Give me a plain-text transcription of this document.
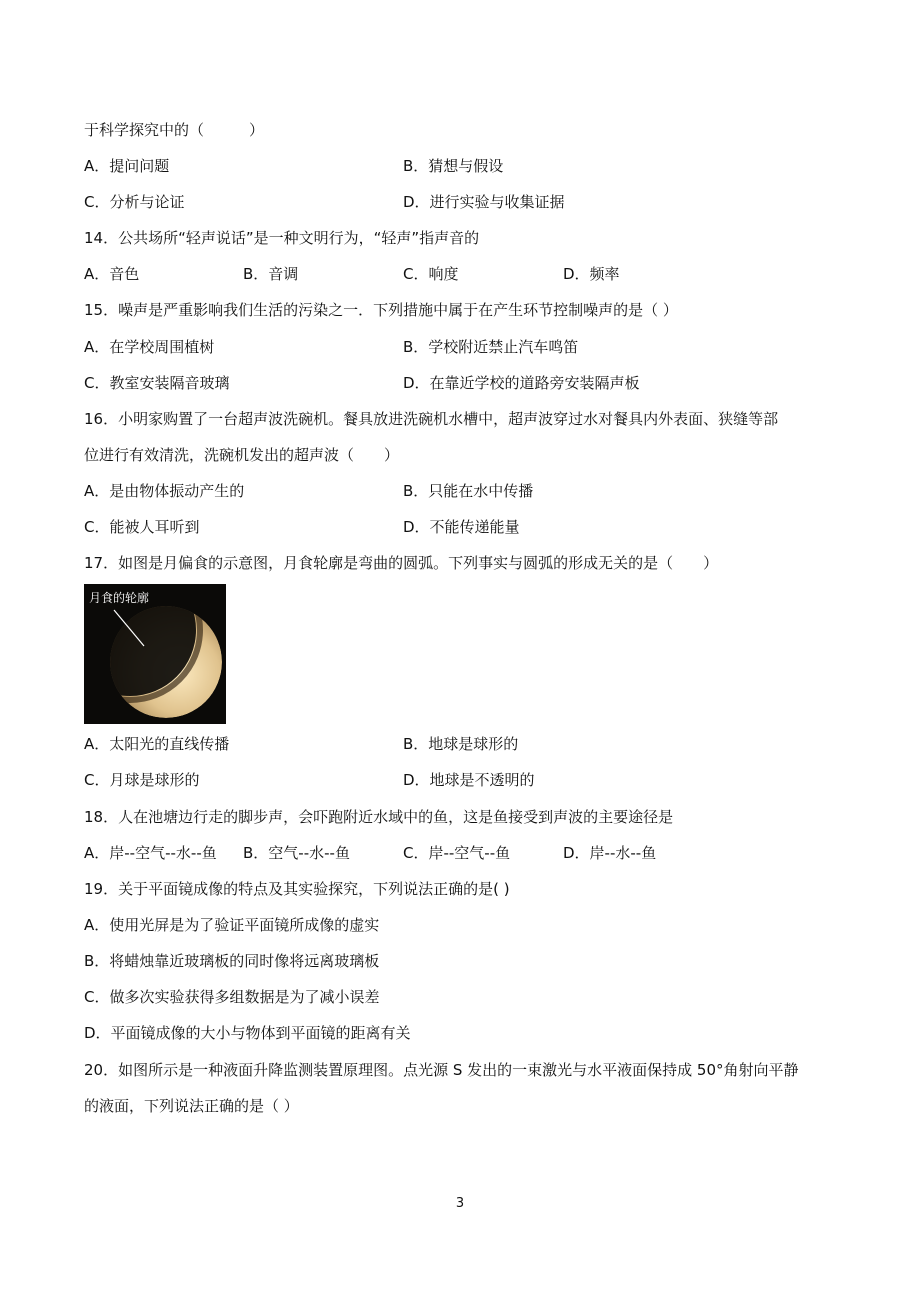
于科学探究中的（　　　）
A．提问问题	B．猜想与假设
C．分析与论证	D．进行实验与收集证据
14．公共场所“轻声说话”是一种文明行为，“轻声”指声音的
A．音色	B．音调	C．响度	D．频率
15．噪声是严重影响我们生活的污染之一．下列措施中属于在产生环节控制噪声的是（ ）
A．在学校周围植树	B．学校附近禁止汽车鸣笛
C．教室安装隔音玻璃	D．在靠近学校的道路旁安装隔声板
16．小明家购置了一台超声波洗碗机。餐具放进洗碗机水槽中，超声波穿过水对餐具内外表面、狭缝等部
位进行有效清洗，洗碗机发出的超声波（　　）
A．是由物体振动产生的	B．只能在水中传播
C．能被人耳听到	D．不能传递能量
17．如图是月偏食的示意图，月食轮廓是弯曲的圆弧。下列事实与圆弧的形成无关的是（　　）
月食的轮廓
A．太阳光的直线传播	B．地球是球形的
C．月球是球形的	D．地球是不透明的
18．人在池塘边行走的脚步声，会吓跑附近水域中的鱼，这是鱼接受到声波的主要途径是
A．岸--空气--水--鱼 B．空气--水--鱼	C．岸--空气--鱼	D．岸--水--鱼
19．关于平面镜成像的特点及其实验探究，下列说法正确的是( )
A．使用光屏是为了验证平面镜所成像的虚实
B．将蜡烛靠近玻璃板的同时像将远离玻璃板
C．做多次实验获得多组数据是为了减小误差
D．平面镜成像的大小与物体到平面镜的距离有关
20．如图所示是一种液面升降监测装置原理图。点光源 S 发出的一束激光与水平液面保持成 50°角射向平静
的液面，下列说法正确的是（ ）
3
